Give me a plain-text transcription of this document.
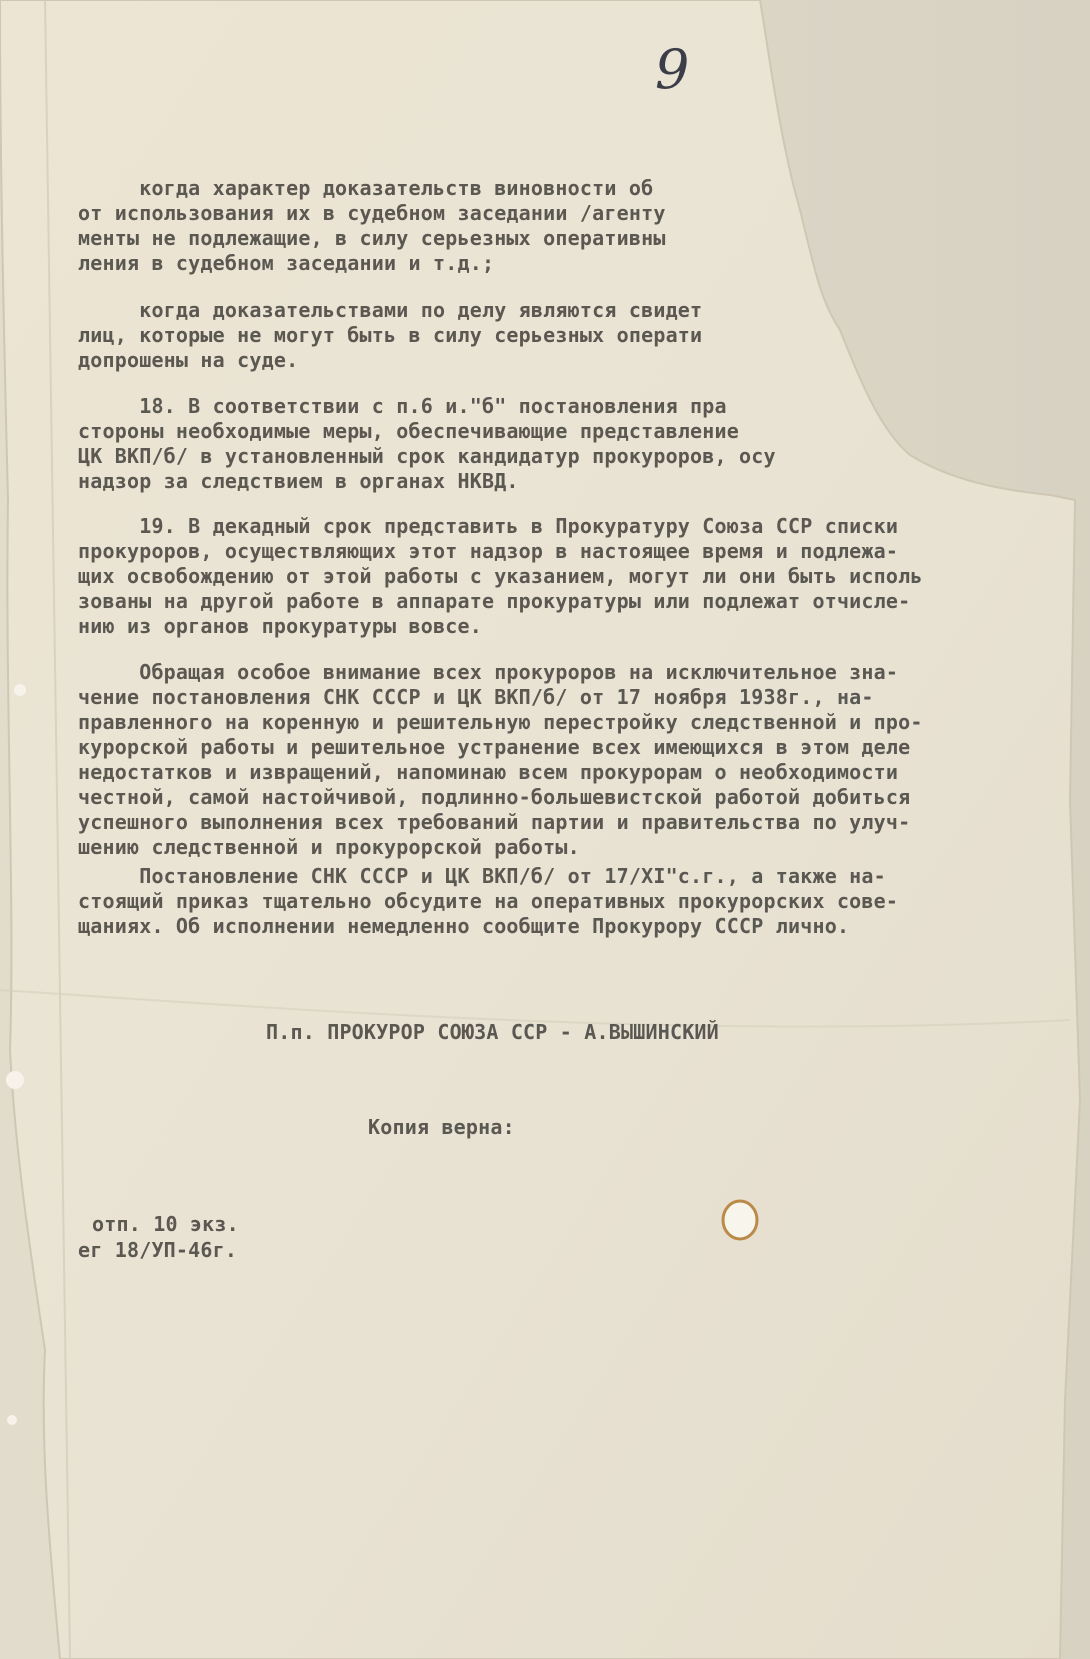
9
когда характер доказательств виновности об
от использования их в судебном заседании /агенту
менты не подлежащие, в силу серьезных оперативны
ления в судебном заседании и т.д.;
когда доказательствами по делу являются свидет
лиц, которые не могут быть в силу серьезных операти
допрошены на суде.
18. В соответствии с п.6 и."б" постановления пра
стороны необходимые меры, обеспечивающие представление
ЦК ВКП/б/ в установленный срок кандидатур прокуроров, осу
надзор за следствием в органах НКВД.
19. В декадный срок представить в Прокуратуру Союза ССР списки
прокуроров, осуществляющих этот надзор в настоящее время и подлежа-
щих освобождению от этой работы с указанием, могут ли они быть исполь
зованы на другой работе в аппарате прокуратуры или подлежат отчисле-
нию из органов прокуратуры вовсе.
Обращая особое внимание всех прокуроров на исключительное зна-
чение постановления СНК СССР и ЦК ВКП/б/ от 17 ноября 1938г., на-
правленного на коренную и решительную перестройку следственной и про-
курорской работы и решительное устранение всех имеющихся в этом деле
недостатков и извращений, напоминаю всем прокурорам о необходимости
честной, самой настойчивой, подлинно-большевистской работой добиться
успешного выполнения всех требований партии и правительства по улуч-
шению следственной и прокурорской работы.
Постановление СНК СССР и ЦК ВКП/б/ от 17/XI"с.г., а также на-
стоящий приказ тщательно обсудите на оперативных прокурорских сове-
щаниях. Об исполнении немедленно сообщите Прокурору СССР лично.
П.п. ПРОКУРОР СОЮЗА ССР - А.ВЫШИНСКИЙ
Копия верна:
отп. 10 экз.
ег 18/УП-46г.
